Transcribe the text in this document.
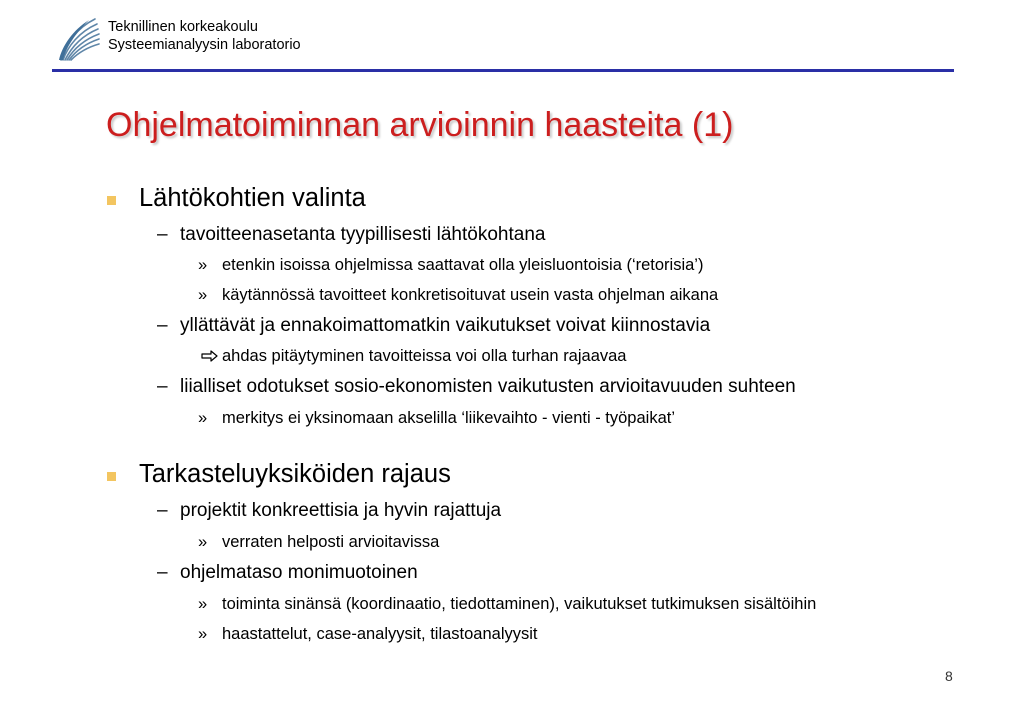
Teknillinen korkeakoulu
Systeemianalyysin laboratorio
Ohjelmatoiminnan arvioinnin haasteita (1)
Lähtökohtien valinta
– tavoitteenasetanta tyypillisesti lähtökohtana
» etenkin isoissa ohjelmissa saattavat olla yleisluontoisia (‘retorisia’)
» käytännössä tavoitteet konkretisoituvat usein vasta ohjelman aikana
– yllättävät ja ennakoimattomatkin vaikutukset voivat kiinnostavia
ahdas pitäytyminen tavoitteissa voi olla turhan rajaavaa
– liialliset odotukset sosio-ekonomisten vaikutusten arvioitavuuden suhteen
» merkitys ei yksinomaan akselilla ‘liikevaihto - vienti - työpaikat’
Tarkasteluyksiköiden rajaus
– projektit konkreettisia ja hyvin rajattuja
» verraten helposti arvioitavissa
– ohjelmataso monimuotoinen
» toiminta sinänsä (koordinaatio, tiedottaminen), vaikutukset tutkimuksen sisältöihin
» haastattelut, case-analyysit, tilastoanalyysit
8
